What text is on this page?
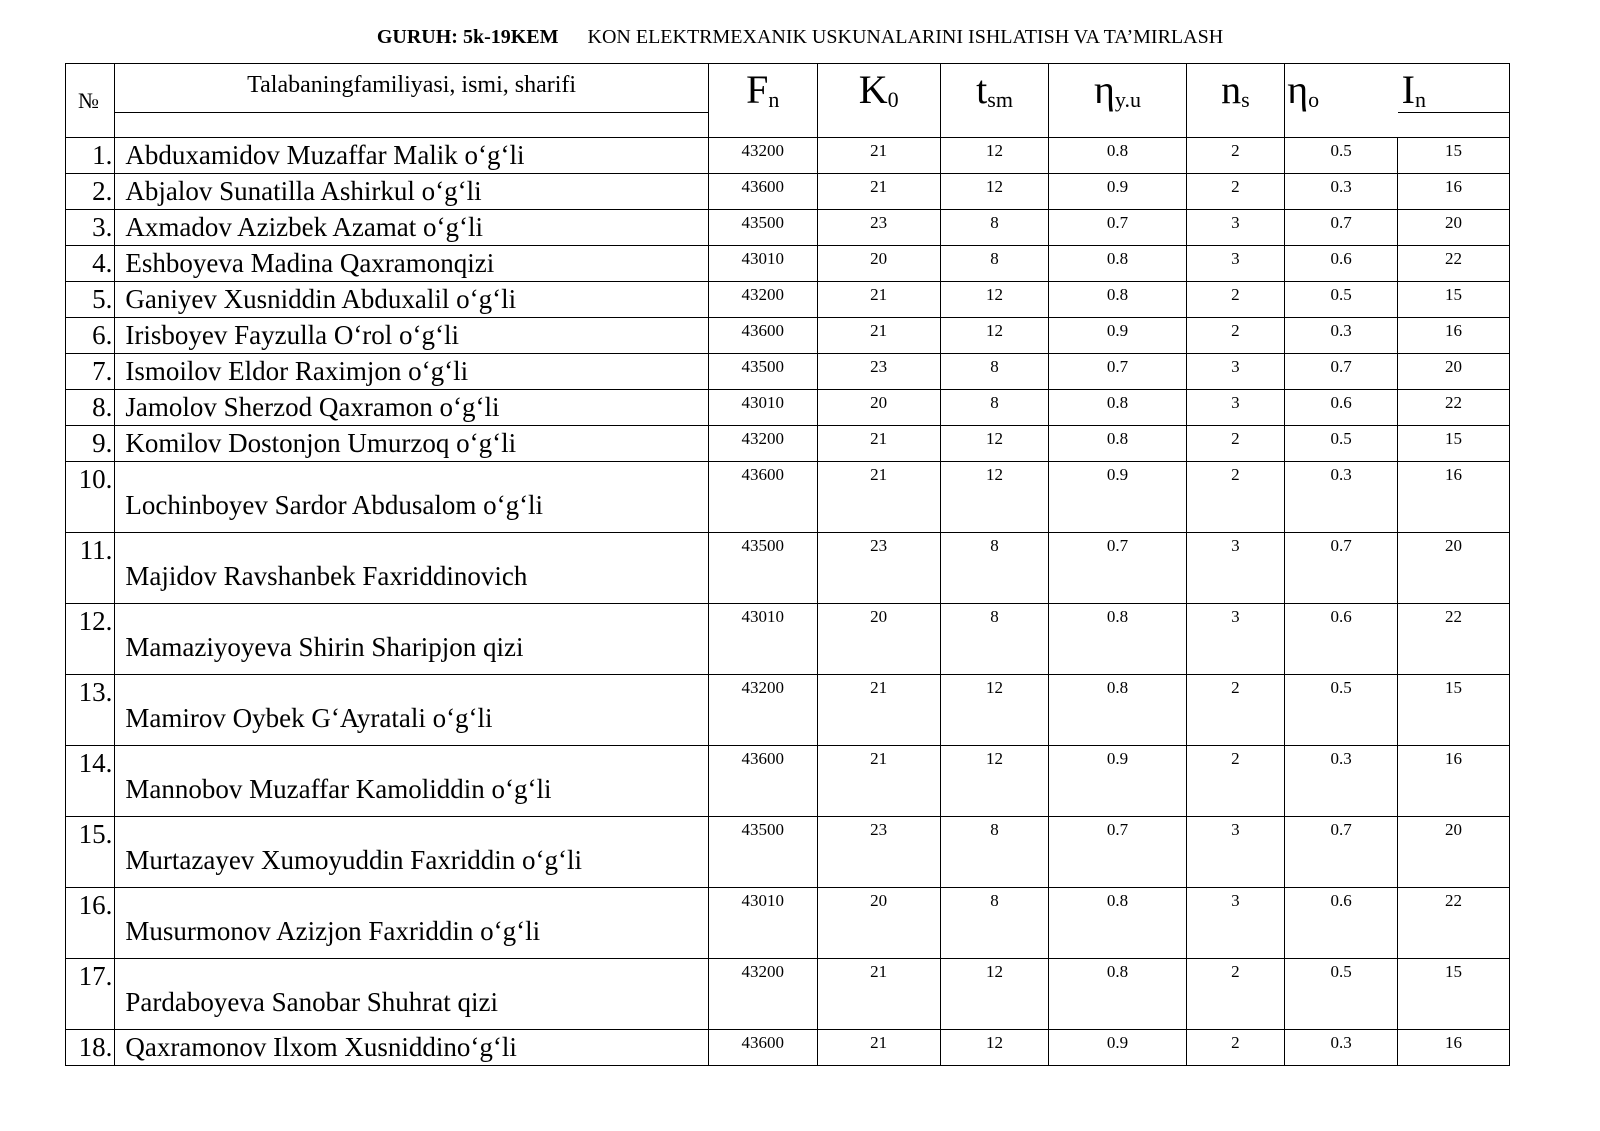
GURUH: 5k-19KEM KON ELEKTRMEXANIK USKUNALARINI ISHLATISH VA TA’MIRLASH
№	Talabaningfamiliyasi, ismi, sharifi	$F_n$	$K_0$	$t_{sm}$	$\eta_{y.u}$	$n_s$	$\eta_o$	$I_n$

1.	Abduxamidov Muzaffar Malik o‘g‘li	43200	21	12	0.8	2	0.5	15
2.	Abjalov Sunatilla Ashirkul o‘g‘li	43600	21	12	0.9	2	0.3	16
3.	Axmadov Azizbek Azamat o‘g‘li	43500	23	8	0.7	3	0.7	20
4.	Eshboyeva Madina Qaxramonqizi	43010	20	8	0.8	3	0.6	22
5.	Ganiyev Xusniddin Abduxalil o‘g‘li	43200	21	12	0.8	2	0.5	15
6.	Irisboyev Fayzulla O‘rol o‘g‘li	43600	21	12	0.9	2	0.3	16
7.	Ismoilov Eldor Raximjon o‘g‘li	43500	23	8	0.7	3	0.7	20
8.	Jamolov Sherzod Qaxramon o‘g‘li	43010	20	8	0.8	3	0.6	22
9.	Komilov Dostonjon Umurzoq o‘g‘li	43200	21	12	0.8	2	0.5	15
10.	Lochinboyev Sardor Abdusalom o‘g‘li	43600	21	12	0.9	2	0.3	16
11.	Majidov Ravshanbek Faxriddinovich	43500	23	8	0.7	3	0.7	20
12.	Mamaziyoyeva Shirin Sharipjon qizi	43010	20	8	0.8	3	0.6	22
13.	Mamirov Oybek G‘Ayratali o‘g‘li	43200	21	12	0.8	2	0.5	15
14.	Mannobov Muzaffar Kamoliddin o‘g‘li	43600	21	12	0.9	2	0.3	16
15.	Murtazayev Xumoyuddin Faxriddin o‘g‘li	43500	23	8	0.7	3	0.7	20
16.	Musurmonov Azizjon Faxriddin o‘g‘li	43010	20	8	0.8	3	0.6	22
17.	Pardaboyeva Sanobar Shuhrat qizi	43200	21	12	0.8	2	0.5	15
18.	Qaxramonov Ilxom Xusniddino‘g‘li	43600	21	12	0.9	2	0.3	16
